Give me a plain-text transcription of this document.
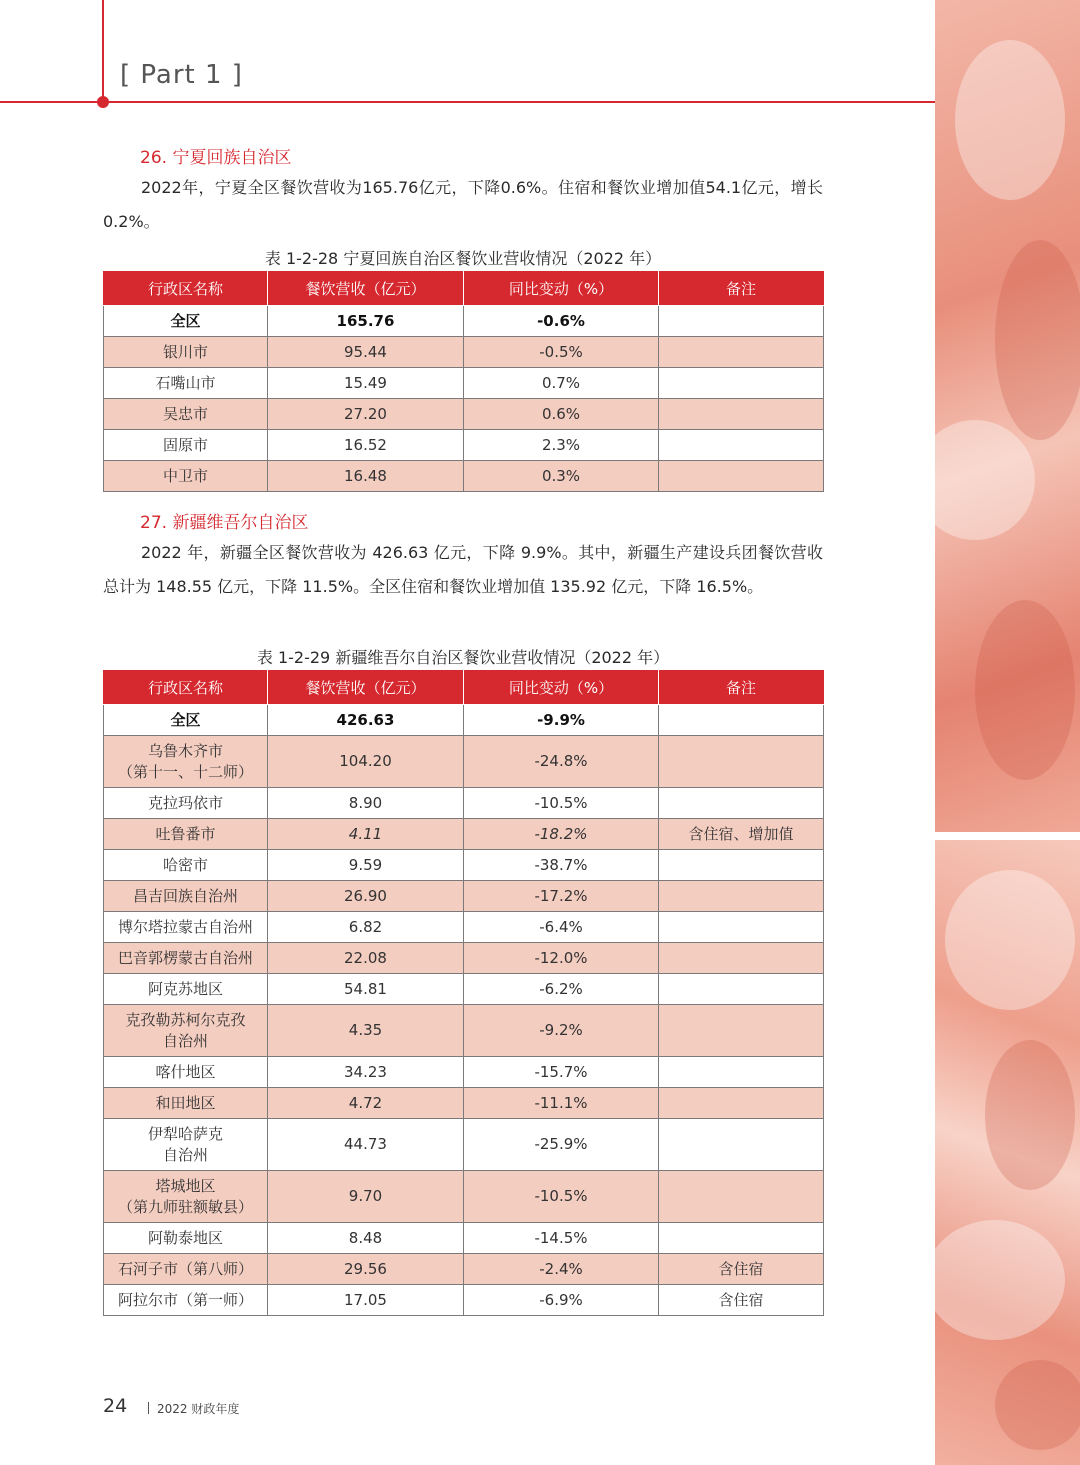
[ Part 1 ]
26. 宁夏回族自治区
2022年，宁夏全区餐饮营收为165.76亿元，下降0.6%。住宿和餐饮业增加值54.1亿元，增长0.2%。
表 1-2-28 宁夏回族自治区餐饮业营收情况（2022 年）
行政区名称	餐饮营收（亿元）	同比变动（%）	备注
全区	165.76	-0.6%	
银川市	95.44	-0.5%	
石嘴山市	15.49	0.7%	
吴忠市	27.20	0.6%	
固原市	16.52	2.3%	
中卫市	16.48	0.3%	
27. 新疆维吾尔自治区
2022 年，新疆全区餐饮营收为 426.63 亿元，下降 9.9%。其中，新疆生产建设兵团餐饮营收总计为 148.55 亿元，下降 11.5%。全区住宿和餐饮业增加值 135.92 亿元，下降 16.5%。
表 1-2-29 新疆维吾尔自治区餐饮业营收情况（2022 年）
行政区名称	餐饮营收（亿元）	同比变动（%）	备注
全区	426.63	-9.9%	
乌鲁木齐市
（第十一、十二师）	104.20	-24.8%	
克拉玛依市	8.90	-10.5%	
吐鲁番市	4.11	-18.2%	含住宿、增加值
哈密市	9.59	-38.7%	
昌吉回族自治州	26.90	-17.2%	
博尔塔拉蒙古自治州	6.82	-6.4%	
巴音郭楞蒙古自治州	22.08	-12.0%	
阿克苏地区	54.81	-6.2%	
克孜勒苏柯尔克孜
自治州	4.35	-9.2%	
喀什地区	34.23	-15.7%	
和田地区	4.72	-11.1%	
伊犁哈萨克
自治州	44.73	-25.9%	
塔城地区
（第九师驻额敏县）	9.70	-10.5%	
阿勒泰地区	8.48	-14.5%	
石河子市（第八师）	29.56	-2.4%	含住宿
阿拉尔市（第一师）	17.05	-6.9%	含住宿
24 2022 财政年度
